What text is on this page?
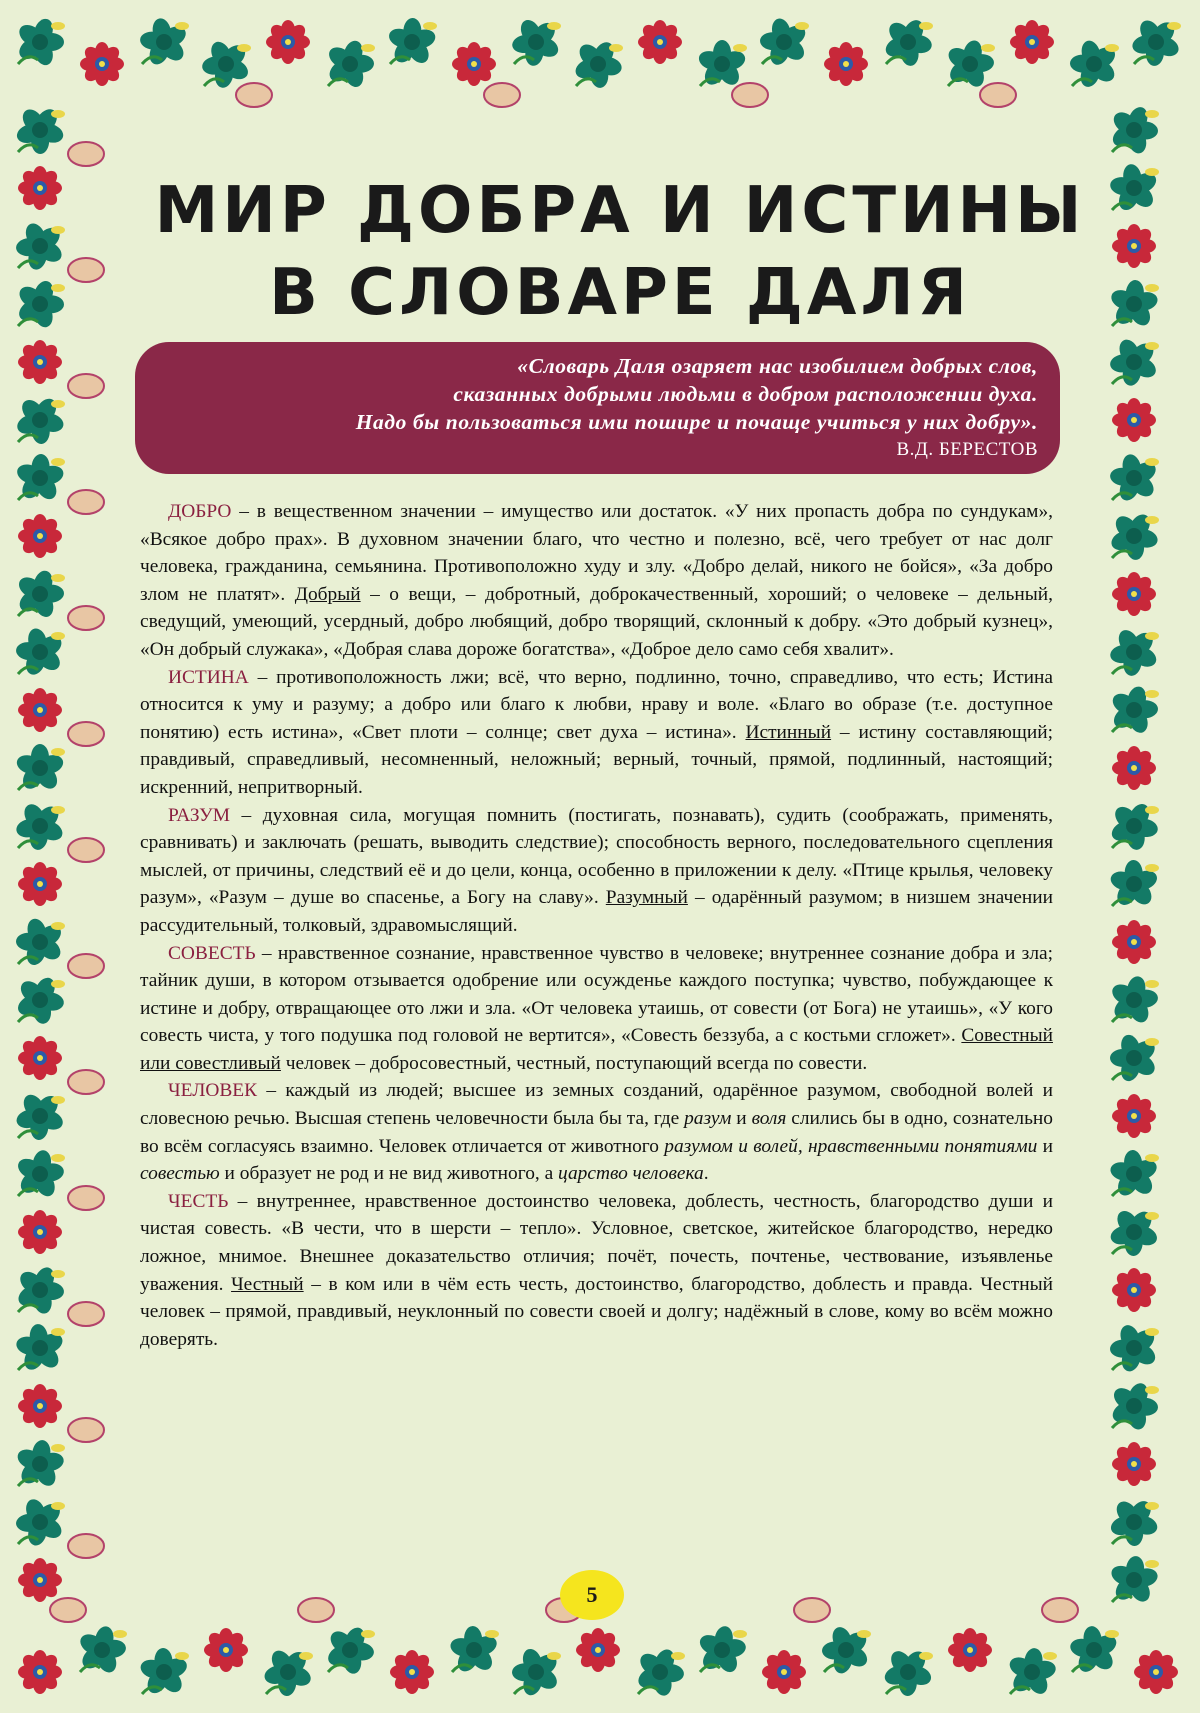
МИР ДОБРА И ИСТИНЫ
В СЛОВАРЕ ДАЛЯ
«Словарь Даля озаряет нас изобилием добрых слов,
сказанных добрыми людьми в добром расположении духа.
Надо бы пользоваться ими пошире и почаще учиться у них добру».
В.Д. БЕРЕСТОВ

ДОБРО – в вещественном значении – имущество или достаток. «У них пропасть добра по сундукам», «Всякое добро прах». В духовном значении благо, что честно и полезно, всё, чего требует от нас долг человека, гражданина, семьянина. Противоположно худу и злу. «Добро делай, никого не бойся», «За добро злом не платят». Добрый – о вещи, – добротный, доброкачественный, хороший; о человеке – дельный, сведущий, умеющий, усердный, добро любящий, добро творящий, склонный к добру. «Это добрый кузнец», «Он добрый служака», «Добрая слава дороже богатства», «Доброе дело само себя хвалит».

ИСТИНА – противоположность лжи; всё, что верно, подлинно, точно, справедливо, что есть; Истина относится к уму и разуму; а добро или благо к любви, нраву и воле. «Благо во образе (т.е. доступное понятию) есть истина», «Свет плоти – солнце; свет духа – истина». Истинный – истину составляющий; правдивый, справедливый, несомненный, неложный; верный, точный, прямой, подлинный, настоящий; искренний, непритворный.

РАЗУМ – духовная сила, могущая помнить (постигать, познавать), судить (соображать, применять, сравнивать) и заключать (решать, выводить следствие); способность верного, последовательного сцепления мыслей, от причины, следствий её и до цели, конца, особенно в приложении к делу. «Птице крылья, человеку разум», «Разум – душе во спасенье, а Богу на славу». Разумный – одарённый разумом; в низшем значении рассудительный, толковый, здравомыслящий.

СОВЕСТЬ – нравственное сознание, нравственное чувство в человеке; внутреннее сознание добра и зла; тайник души, в котором отзывается одобрение или осужденье каждого поступка; чувство, побуждающее к истине и добру, отвращающее ото лжи и зла. «От человека утаишь, от совести (от Бога) не утаишь», «У кого совесть чиста, у того подушка под головой не вертится», «Совесть беззуба, а с костьми сгложет». Совестный или совестливый человек – добросовестный, честный, поступающий всегда по совести.

ЧЕЛОВЕК – каждый из людей; высшее из земных созданий, одарённое разумом, свободной волей и словесною речью. Высшая степень человечности была бы та, где разум и воля слились бы в одно, сознательно во всём согласуясь взаимно. Человек отличается от животного разумом и волей, нравственными понятиями и совестью и образует не род и не вид животного, а царство человека.

ЧЕСТЬ – внутреннее, нравственное достоинство человека, доблесть, честность, благородство души и чистая совесть. «В чести, что в шерсти – тепло». Условное, светское, житейское благородство, нередко ложное, мнимое. Внешнее доказательство отличия; почёт, почесть, почтенье, чествование, изъявленье уважения. Честный – в ком или в чём есть честь, достоинство, благородство, доблесть и правда. Честный человек – прямой, правдивый, неуклонный по совести своей и долгу; надёжный в слове, кому во всём можно доверять.

5
